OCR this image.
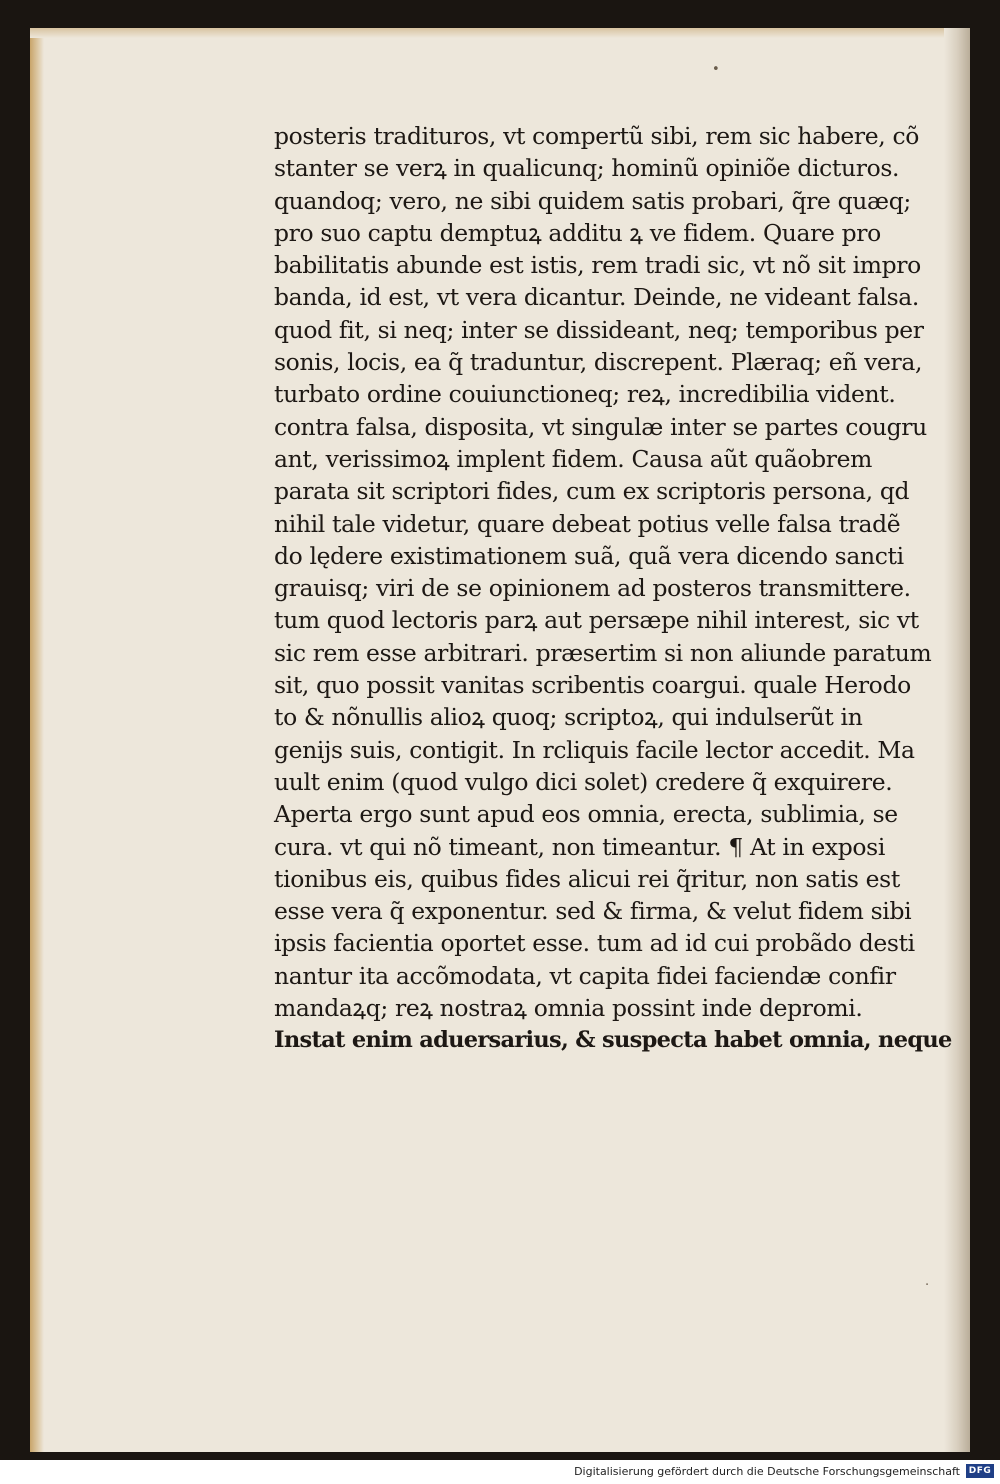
•
·
posteris tradituros, vt compertũ sibi, rem sic habere, cõ
stanter se verꝝ in qualicunq; hominũ opiniõe dicturos.
quandoq; vero, ne sibi quidem satis probari, q̃re quæq;
pro suo captu demptuꝝ additu ꝝ ve fidem. Quare pro
babilitatis abunde est istis, rem tradi sic, vt nõ sit impro
banda, id est, vt vera dicantur. Deinde, ne videant falsa.
quod fit, si neq; inter se dissideant, neq; temporibus per
sonis, locis, ea q̃ traduntur, discrepent. Plæraq; eñ vera,
turbato ordine couiunctioneq; reꝝ, incredibilia vident.
contra falsa, disposita, vt singulæ inter se partes cougru
ant, verissimoꝝ implent fidem. Causa aũt quãobrem
parata sit scriptori fides, cum ex scriptoris persona, qd
nihil tale videtur, quare debeat potius velle falsa tradẽ
do lędere existimationem suã, quã vera dicendo sancti
grauisq; viri de se opinionem ad posteros transmittere.
tum quod lectoris parꝝ aut persæpe nihil interest, sic vt
sic rem esse arbitrari. præsertim si non aliunde paratum
sit, quo possit vanitas scribentis coargui. quale Herodo
to & nõnullis alioꝝ quoq; scriptoꝝ, qui indulserũt in
genijs suis, contigit. In rcliquis facile lector accedit. Ma
uult enim (quod vulgo dici solet) credere q̃ exquirere.
Aperta ergo sunt apud eos omnia, erecta, sublimia, se
cura. vt qui nõ timeant, non timeantur. ¶ At in exposi
tionibus eis, quibus fides alicui rei q̃ritur, non satis est
esse vera q̃ exponentur. sed & firma, & velut fidem sibi
ipsis facientia oportet esse. tum ad id cui probãdo desti
nantur ita accõmodata, vt capita fidei faciendæ confir
mandaꝝq; reꝝ nostraꝝ omnia possint inde depromi.
Instat enim aduersarius, & suspecta habet omnia, neque
Digitalisierung gefördert durch die Deutsche Forschungsgemeinschaft DFG
